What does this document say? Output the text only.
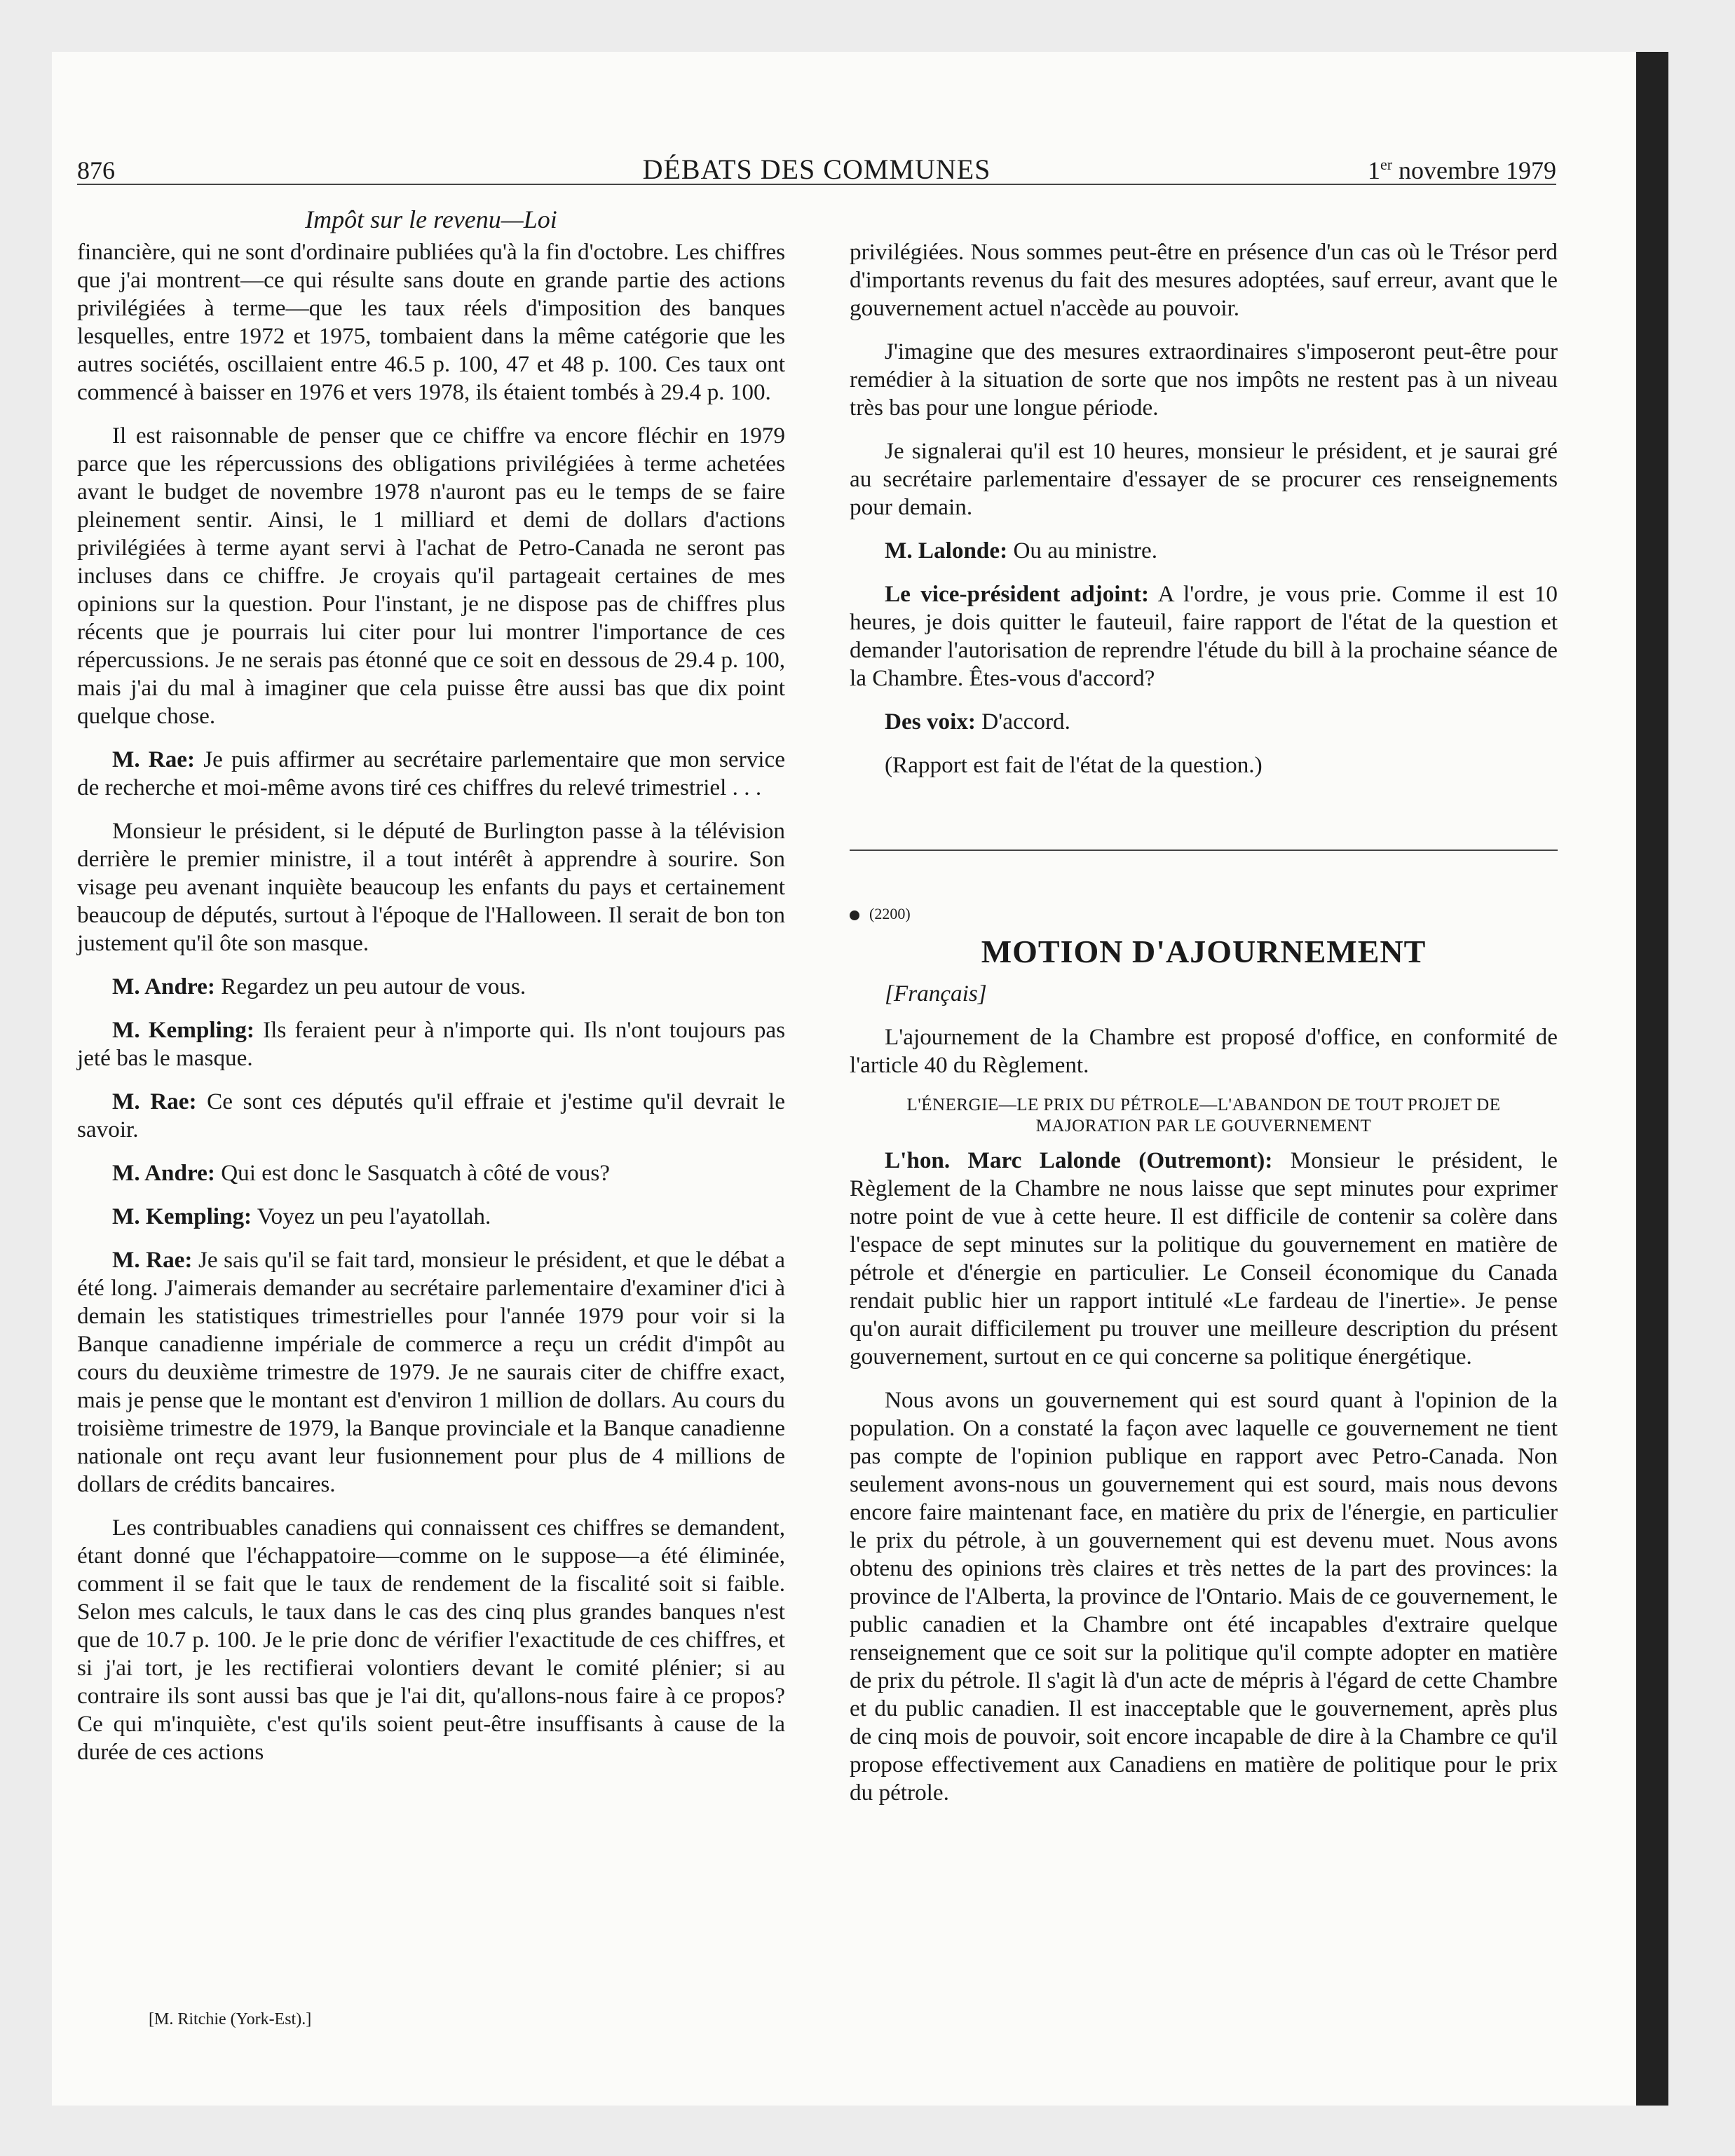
876	DÉBATS DES COMMUNES	1er novembre 1979
Impôt sur le revenu—Loi

financière, qui ne sont d'ordinaire publiées qu'à la fin d'octobre. Les chiffres que j'ai montrent—ce qui résulte sans doute en grande partie des actions privilégiées à terme—que les taux réels d'imposition des banques lesquelles, entre 1972 et 1975, tombaient dans la même catégorie que les autres sociétés, oscillaient entre 46.5 p. 100, 47 et 48 p. 100. Ces taux ont commencé à baisser en 1976 et vers 1978, ils étaient tombés à 29.4 p. 100.

Il est raisonnable de penser que ce chiffre va encore fléchir en 1979 parce que les répercussions des obligations privilégiées à terme achetées avant le budget de novembre 1978 n'auront pas eu le temps de se faire pleinement sentir. Ainsi, le 1 milliard et demi de dollars d'actions privilégiées à terme ayant servi à l'achat de Petro-Canada ne seront pas incluses dans ce chiffre. Je croyais qu'il partageait certaines de mes opinions sur la question. Pour l'instant, je ne dispose pas de chiffres plus récents que je pourrais lui citer pour lui montrer l'importance de ces répercussions. Je ne serais pas étonné que ce soit en dessous de 29.4 p. 100, mais j'ai du mal à imaginer que cela puisse être aussi bas que dix point quelque chose.

M. Rae: Je puis affirmer au secrétaire parlementaire que mon service de recherche et moi-même avons tiré ces chiffres du relevé trimestriel . . .

Monsieur le président, si le député de Burlington passe à la télévision derrière le premier ministre, il a tout intérêt à apprendre à sourire. Son visage peu avenant inquiète beaucoup les enfants du pays et certainement beaucoup de députés, surtout à l'époque de l'Halloween. Il serait de bon ton justement qu'il ôte son masque.

M. Andre: Regardez un peu autour de vous.

M. Kempling: Ils feraient peur à n'importe qui. Ils n'ont toujours pas jeté bas le masque.

M. Rae: Ce sont ces députés qu'il effraie et j'estime qu'il devrait le savoir.

M. Andre: Qui est donc le Sasquatch à côté de vous?

M. Kempling: Voyez un peu l'ayatollah.

M. Rae: Je sais qu'il se fait tard, monsieur le président, et que le débat a été long. J'aimerais demander au secrétaire parlementaire d'examiner d'ici à demain les statistiques trimestrielles pour l'année 1979 pour voir si la Banque canadienne impériale de commerce a reçu un crédit d'impôt au cours du deuxième trimestre de 1979. Je ne saurais citer de chiffre exact, mais je pense que le montant est d'environ 1 million de dollars. Au cours du troisième trimestre de 1979, la Banque provinciale et la Banque canadienne nationale ont reçu avant leur fusionnement pour plus de 4 millions de dollars de crédits bancaires.

Les contribuables canadiens qui connaissent ces chiffres se demandent, étant donné que l'échappatoire—comme on le suppose—a été éliminée, comment il se fait que le taux de rendement de la fiscalité soit si faible. Selon mes calculs, le taux dans le cas des cinq plus grandes banques n'est que de 10.7 p. 100. Je le prie donc de vérifier l'exactitude de ces chiffres, et si j'ai tort, je les rectifierai volontiers devant le comité plénier; si au contraire ils sont aussi bas que je l'ai dit, qu'allons-nous faire à ce propos? Ce qui m'inquiète, c'est qu'ils soient peut-être insuffisants à cause de la durée de ces actions

[M. Ritchie (York-Est).]

privilégiées. Nous sommes peut-être en présence d'un cas où le Trésor perd d'importants revenus du fait des mesures adoptées, sauf erreur, avant que le gouvernement actuel n'accède au pouvoir.

J'imagine que des mesures extraordinaires s'imposeront peut-être pour remédier à la situation de sorte que nos impôts ne restent pas à un niveau très bas pour une longue période.

Je signalerai qu'il est 10 heures, monsieur le président, et je saurai gré au secrétaire parlementaire d'essayer de se procurer ces renseignements pour demain.

M. Lalonde: Ou au ministre.

Le vice-président adjoint: A l'ordre, je vous prie. Comme il est 10 heures, je dois quitter le fauteuil, faire rapport de l'état de la question et demander l'autorisation de reprendre l'étude du bill à la prochaine séance de la Chambre. Êtes-vous d'accord?

Des voix: D'accord.

(Rapport est fait de l'état de la question.)

(2200)
MOTION D'AJOURNEMENT

[Français]

L'ajournement de la Chambre est proposé d'office, en conformité de l'article 40 du Règlement.

L'ÉNERGIE—LE PRIX DU PÉTROLE—L'ABANDON DE TOUT PROJET DE MAJORATION PAR LE GOUVERNEMENT

L'hon. Marc Lalonde (Outremont): Monsieur le président, le Règlement de la Chambre ne nous laisse que sept minutes pour exprimer notre point de vue à cette heure. Il est difficile de contenir sa colère dans l'espace de sept minutes sur la politique du gouvernement en matière de pétrole et d'énergie en particulier. Le Conseil économique du Canada rendait public hier un rapport intitulé «Le fardeau de l'inertie». Je pense qu'on aurait difficilement pu trouver une meilleure description du présent gouvernement, surtout en ce qui concerne sa politique énergétique.

Nous avons un gouvernement qui est sourd quant à l'opinion de la population. On a constaté la façon avec laquelle ce gouvernement ne tient pas compte de l'opinion publique en rapport avec Petro-Canada. Non seulement avons-nous un gouvernement qui est sourd, mais nous devons encore faire maintenant face, en matière du prix de l'énergie, en particulier le prix du pétrole, à un gouvernement qui est devenu muet. Nous avons obtenu des opinions très claires et très nettes de la part des provinces: la province de l'Alberta, la province de l'Ontario. Mais de ce gouvernement, le public canadien et la Chambre ont été incapables d'extraire quelque renseignement que ce soit sur la politique qu'il compte adopter en matière de prix du pétrole. Il s'agit là d'un acte de mépris à l'égard de cette Chambre et du public canadien. Il est inacceptable que le gouvernement, après plus de cinq mois de pouvoir, soit encore incapable de dire à la Chambre ce qu'il propose effectivement aux Canadiens en matière de politique pour le prix du pétrole.
